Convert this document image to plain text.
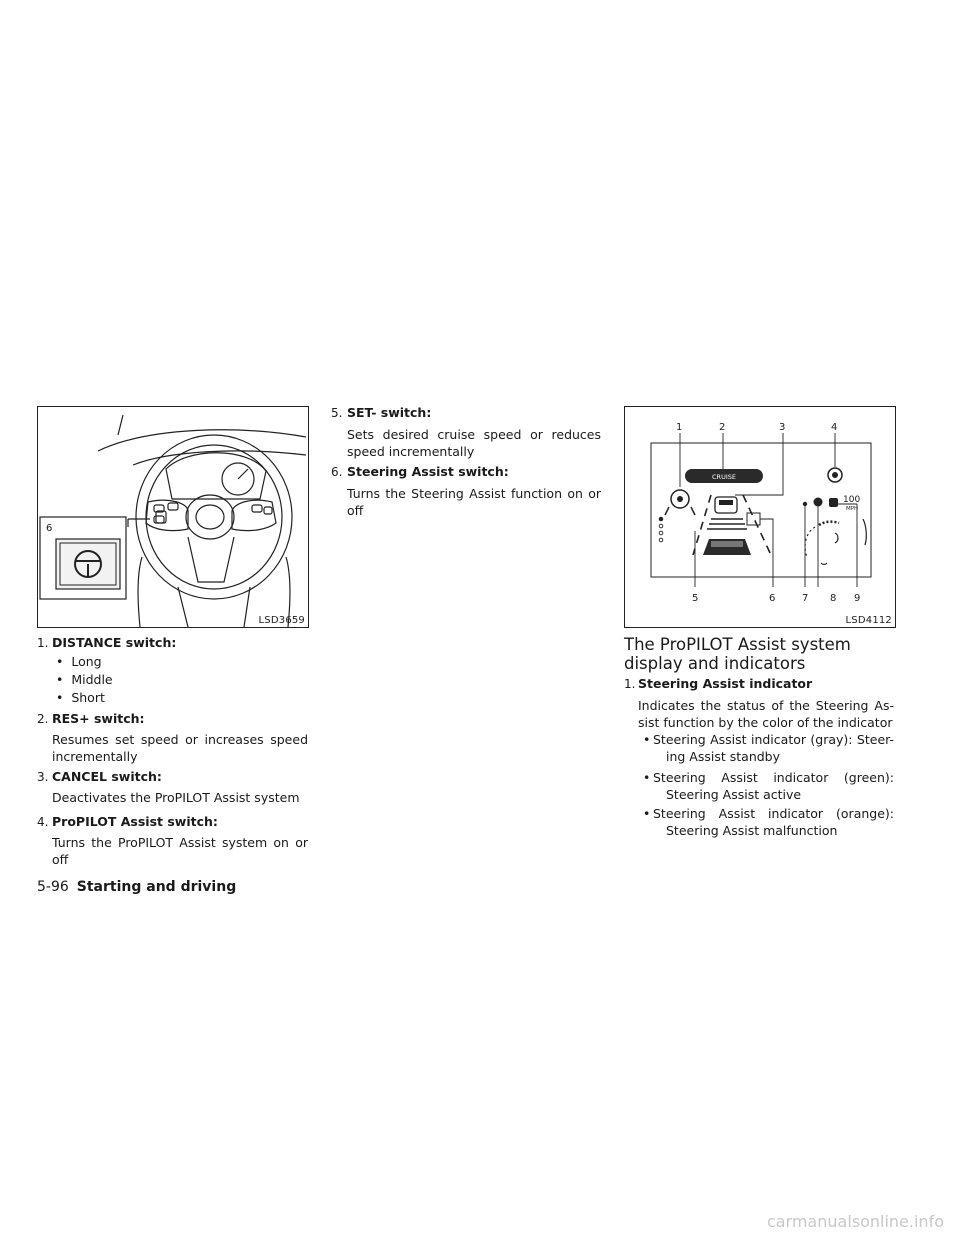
6
LSD3659
1. DISTANCE switch:
•  Long
•  Middle
•  Short
2. RES+ switch:
Resumes set speed or increases speed
incrementally
3. CANCEL switch:
Deactivates the ProPILOT Assist system
4. ProPILOT Assist switch:
Turns the ProPILOT Assist system on or
off
5. SET- switch:
Sets desired cruise speed or reduces
speed incrementally
6. Steering Assist switch:
Turns the Steering Assist function on or
off
CRUISE
100
MPH
1	2	3	4
5	6	7 8 9
LSD4112
The ProPILOT Assist system
display and indicators
1. Steering Assist indicator
Indicates the status of the Steering As-
sist function by the color of the indicator
• Steering Assist indicator (gray): Steer-
ing Assist standby
• Steering Assist indicator (green):
Steering Assist active
• Steering Assist indicator (orange):
Steering Assist malfunction
5-96 Starting and driving
carmanualsonline.info
